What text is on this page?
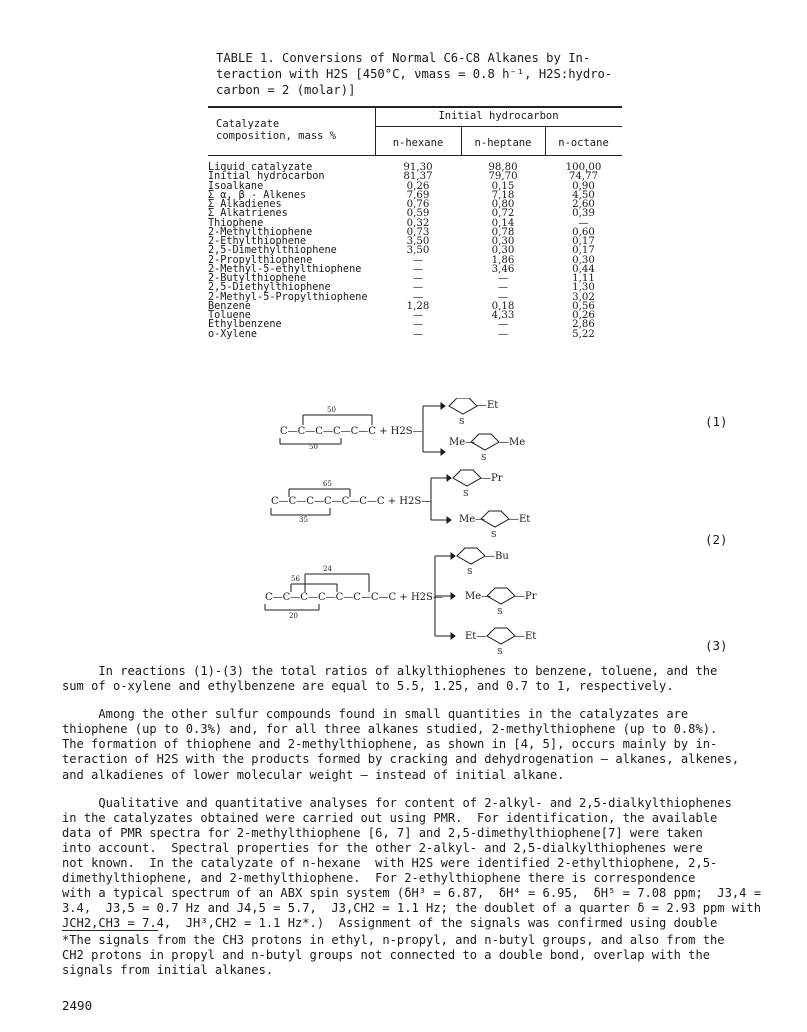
TABLE 1. Conversions of Normal C6-C8 Alkanes by In-
teraction with H2S [450°C, νmass = 0.8 h⁻¹, H2S:hydro-
carbon = 2 (molar)]
Catalyzate
composition, mass %
Initial hydrocarbon
n-hexane	n-heptane	n-octane
Liquid catalyzate	91,30	98,80	100,00
Initial hydrocarbon	81,37	79,70	74,77
Isoalkane	0,26	0,15	0,90
Σ α, β - Alkenes	7,69	7,18	4,50
Σ Alkadienes	0,76	0,80	2,60
Σ Alkatrienes	0,59	0,72	0,39
Thiophene	0,32	0,14	—
2-Methylthiophene	0,73	0,78	0,60
2-Ethylthiophene	3,50	0,30	0,17
2,5-Dimethylthiophene	3,50	0,30	0,17
2-Propylthiophene	—	1,86	0,30
2-Methyl-5-ethylthiophene	—	3,46	0,44
2-Butylthiophene	—	—	1,11
2,5-Diethylthiophene	—	—	1,30
2-Methyl-5-Propylthiophene	—	—	3,02
Benzene	1,28	0,18	0,56
Toluene	—	4,33	0,26
Ethylbenzene	—	—	2,86
o-Xylene	—	—	5,22
50
C—C—C—C—C—C + H2S—
50
S
—Et
Me—
S
—Me
65
C—C—C—C—C—C—C + H2S—
35
S
—Pr
Me—
S
—Et
24
56
C—C—C—C—C—C—C—C + H2S—
20
S
—Bu
Me—
S
—Pr
Et—
S
—Et
(1)
(2)
(3)

In reactions (1)-(3) the total ratios of alkylthiophenes to benzene, toluene, and the
sum of o-xylene and ethylbenzene are equal to 5.5, 1.25, and 0.7 to 1, respectively.

Among the other sulfur compounds found in small quantities in the catalyzates are
thiophene (up to 0.3%) and, for all three alkanes studied, 2-methylthiophene (up to 0.8%).
The formation of thiophene and 2-methylthiophene, as shown in [4, 5], occurs mainly by in-
teraction of H2S with the products formed by cracking and dehydrogenation — alkanes, alkenes,
and alkadienes of lower molecular weight — instead of initial alkane.

Qualitative and quantitative analyses for content of 2-alkyl- and 2,5-dialkylthiophenes
in the catalyzates obtained were carried out using PMR.  For identification, the available
data of PMR spectra for 2-methylthiophene [6, 7] and 2,5-dimethylthiophene[7] were taken
into account.  Spectral properties for the other 2-alkyl- and 2,5-dialkylthiophenes were
not known.  In the catalyzate of n-hexane  with H2S were identified 2-ethylthiophene, 2,5-
dimethylthiophene, and 2-methylthiophene.  For 2-ethylthiophene there is correspondence
with a typical spectrum of an ABX spin system (δH³ = 6.87,  δH⁴ = 6.95,  δH⁵ = 7.08 ppm;  J3,4 =
3.4,  J3,5 = 0.7 Hz and J4,5 = 5.7,  J3,CH2 = 1.1 Hz; the doublet of a quarter δ = 2.93 ppm with
JCH2,CH3 = 7.4,  JH³,CH2 = 1.1 Hz*.)  Assignment of the signals was confirmed using double

*The signals from the CH3 protons in ethyl, n-propyl, and n-butyl groups, and also from the
CH2 protons in propyl and n-butyl groups not connected to a double bond, overlap with the
signals from initial alkanes.
2490
